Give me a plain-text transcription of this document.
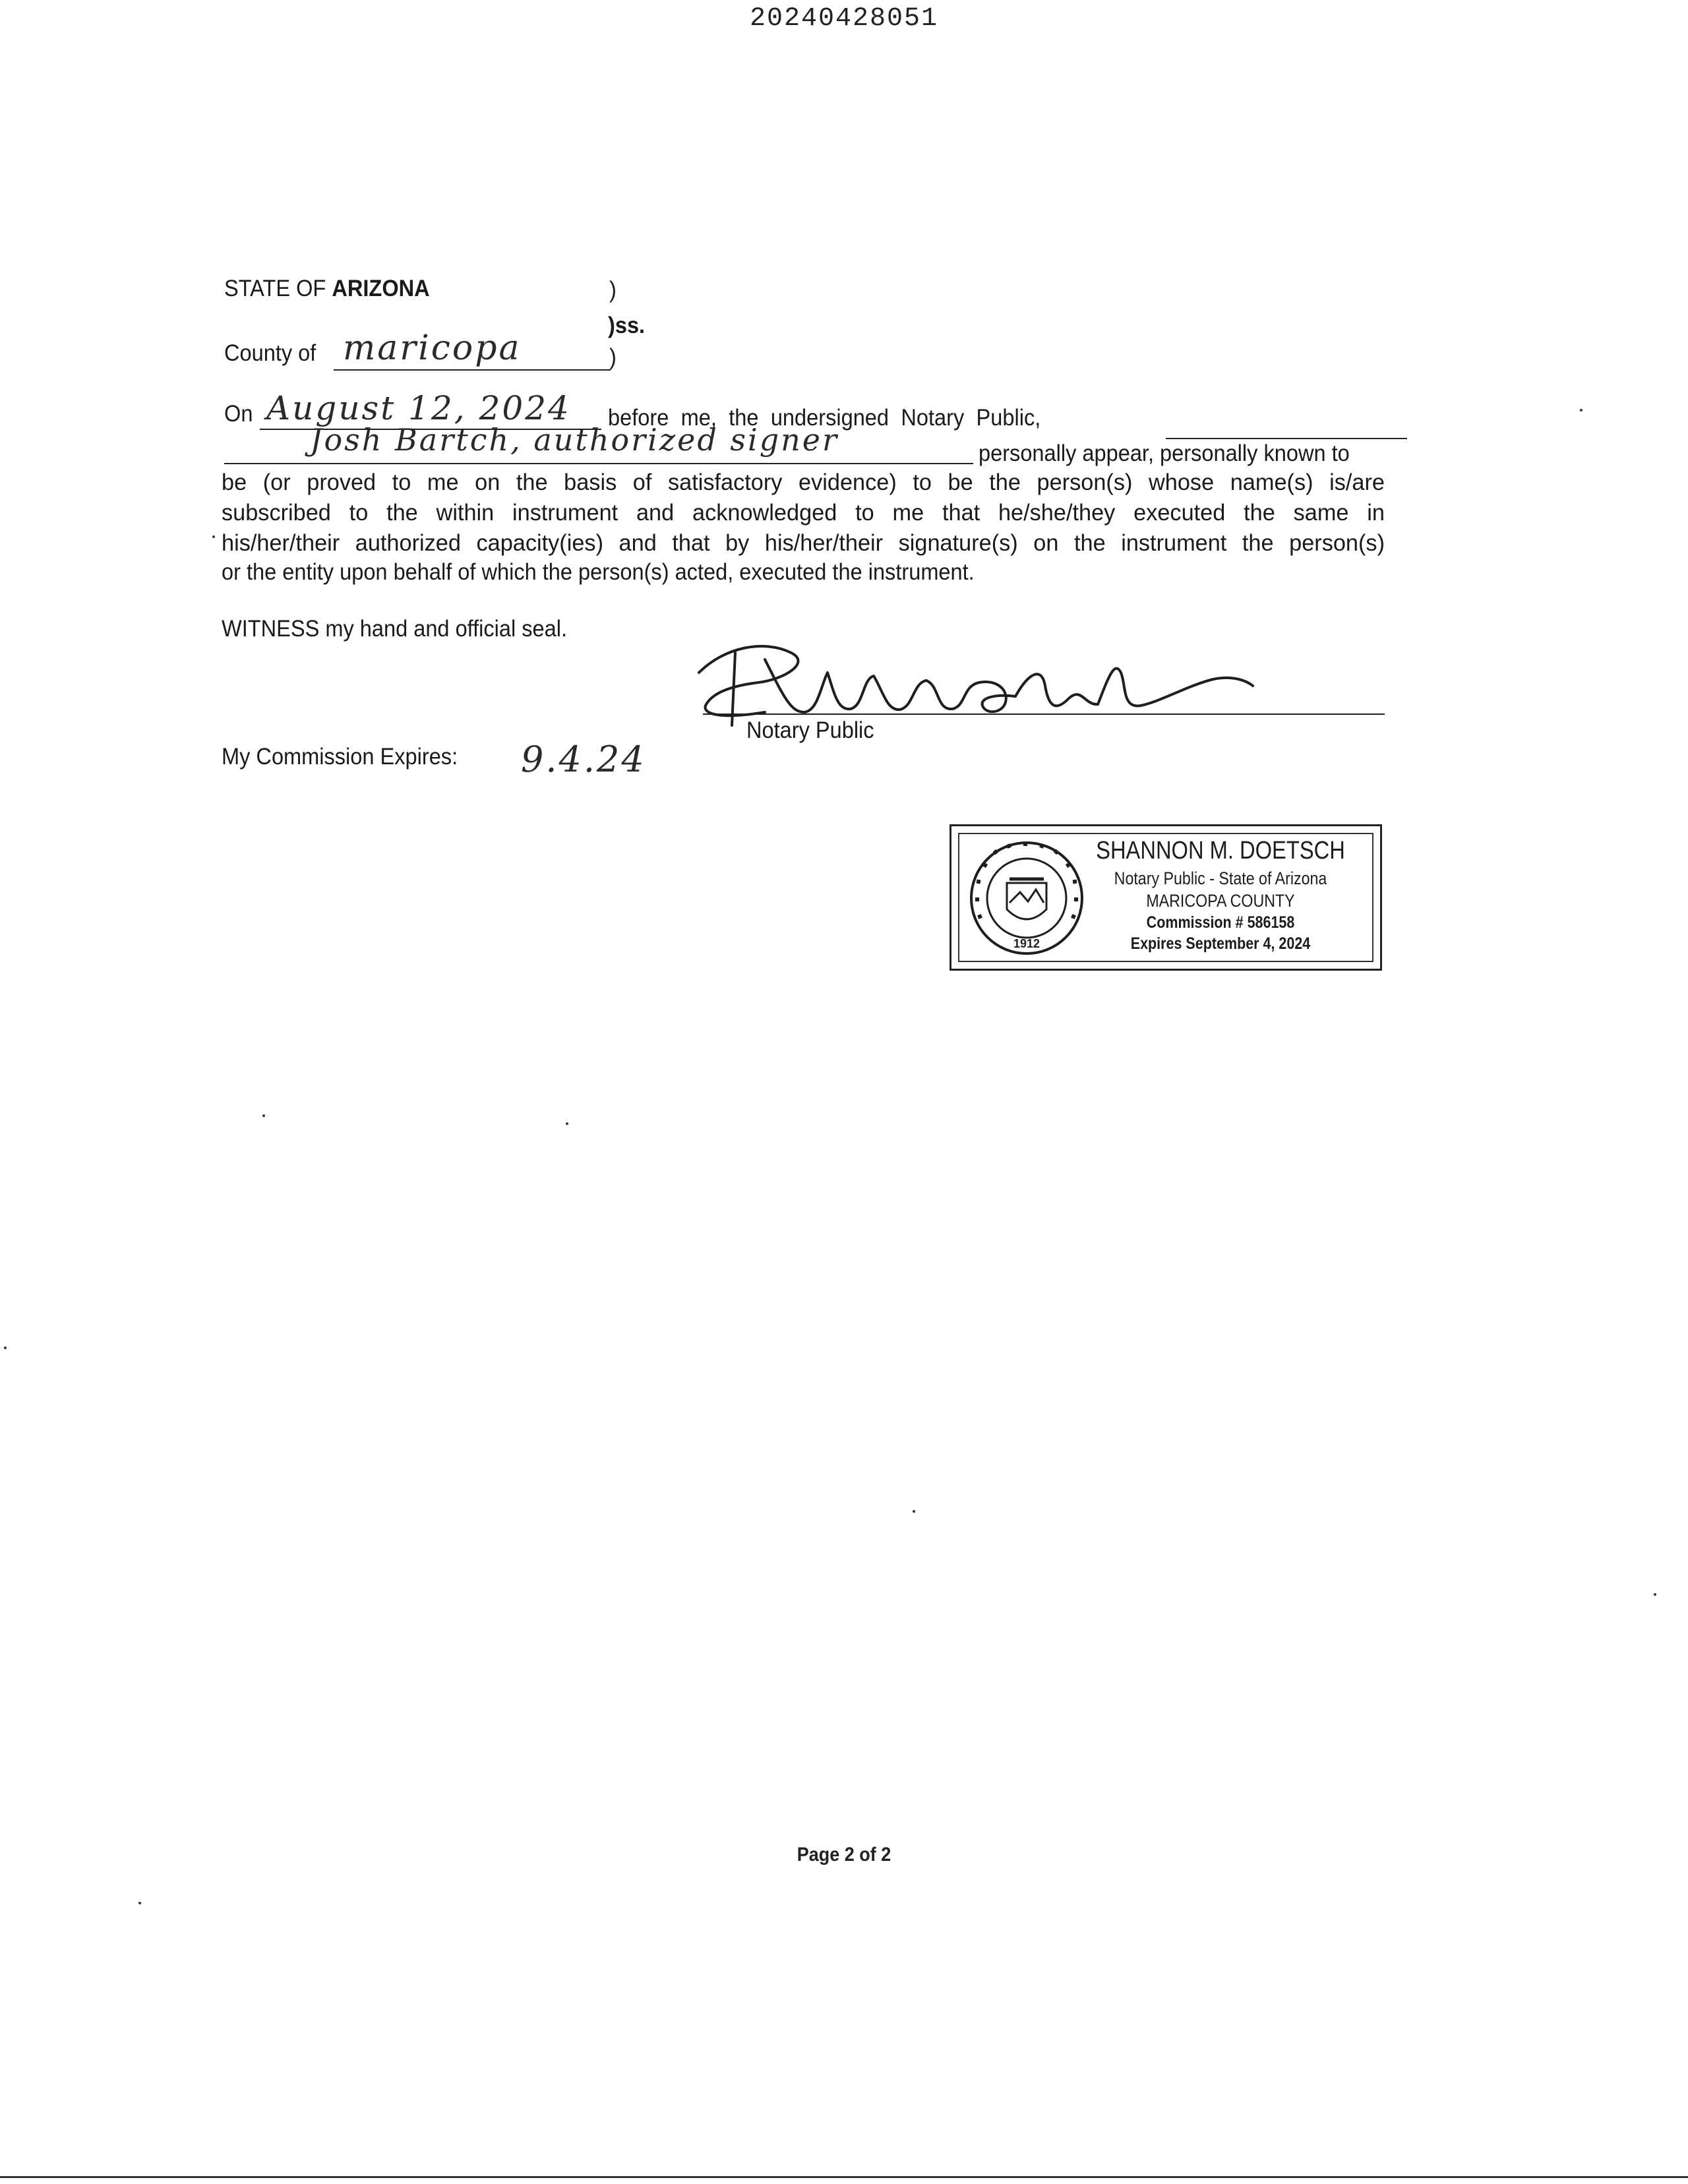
20240428051
STATE OF ARIZONA	)
)ss.
County of maricopa	)
On August 12, 2024 before me, the undersigned Notary Public,
Josh Bartch, authorized signer	personally appear, personally known to
be (or proved to me on the basis of satisfactory evidence) to be the person(s) whose name(s) is/are
subscribed to the within instrument and acknowledged to me that he/she/they executed the same in
his/her/their authorized capacity(ies) and that by his/her/their signature(s) on the instrument the person(s)
or the entity upon behalf of which the person(s) acted, executed the instrument.
WITNESS my hand and official seal.
Notary Public
My Commission Expires: 9.4.24
1912
SHANNON M. DOETSCH
Notary Public - State of Arizona
MARICOPA COUNTY
Commission # 586158
Expires September 4, 2024
Page 2 of 2
